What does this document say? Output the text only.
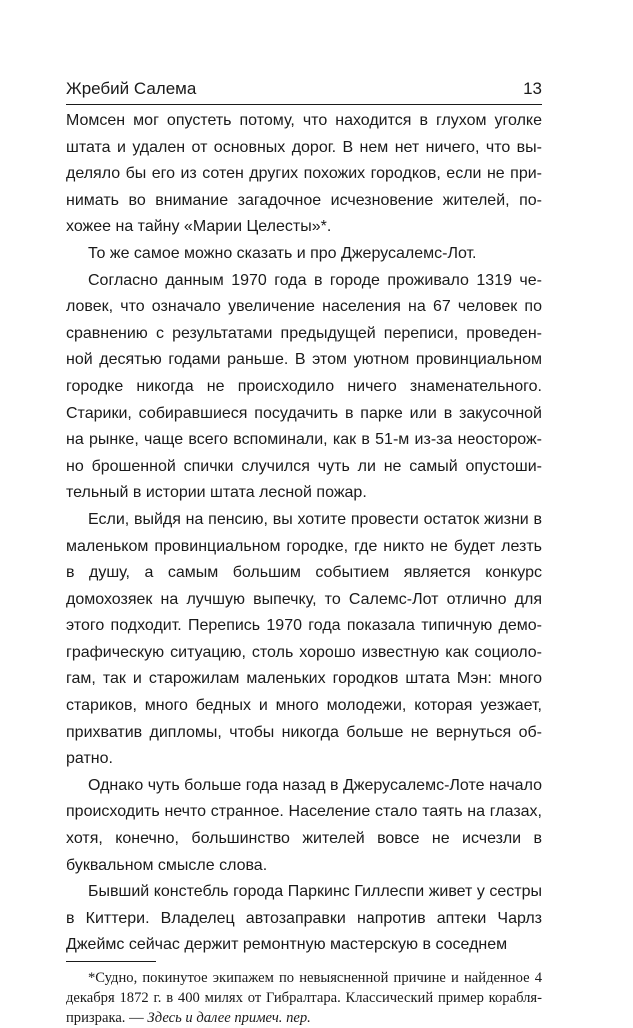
Жребий Салема	13

Момсен мог опустеть потому, что находится в глухом уголке штата и удален от основных дорог. В нем нет ничего, что выделяло бы его из сотен других похожих городков, если не принимать во внимание загадочное исчезновение жителей, похожее на тайну «Марии Целесты»*.

То же самое можно сказать и про Джерусалемс-Лот.

Согласно данным 1970 года в городе проживало 1319 человек, что означало увеличение населения на 67 человек по сравнению с результатами предыдущей переписи, проведенной десятью годами раньше. В этом уютном провинциальном городке никогда не происходило ничего знаменательного. Старики, собиравшиеся посудачить в парке или в закусочной на рынке, чаще всего вспоминали, как в 51-м из-за неосторожно брошенной спички случился чуть ли не самый опустошительный в истории штата лесной пожар.

Если, выйдя на пенсию, вы хотите провести остаток жизни в маленьком провинциальном городке, где никто не будет лезть в душу, а самым большим событием является конкурс домохозяек на лучшую выпечку, то Салемс-Лот отлично для этого подходит. Перепись 1970 года показала типичную демографическую ситуацию, столь хорошо известную как социологам, так и старожилам маленьких городков штата Мэн: много стариков, много бедных и много молодежи, которая уезжает, прихватив дипломы, чтобы никогда больше не вернуться обратно.

Однако чуть больше года назад в Джерусалемс-Лоте начало происходить нечто странное. Население стало таять на глазах, хотя, конечно, большинство жителей вовсе не исчезли в буквальном смысле слова.

Бывший констебль города Паркинс Гиллеспи живет у сестры в Киттери. Владелец автозаправки напротив аптеки Чарлз Джеймс сейчас держит ремонтную мастерскую в соседнем

*Судно, покинутое экипажем по невыясненной причине и найденное 4 декабря 1872 г. в 400 милях от Гибралтара. Классический пример корабля-призрака. — Здесь и далее примеч. пер.
